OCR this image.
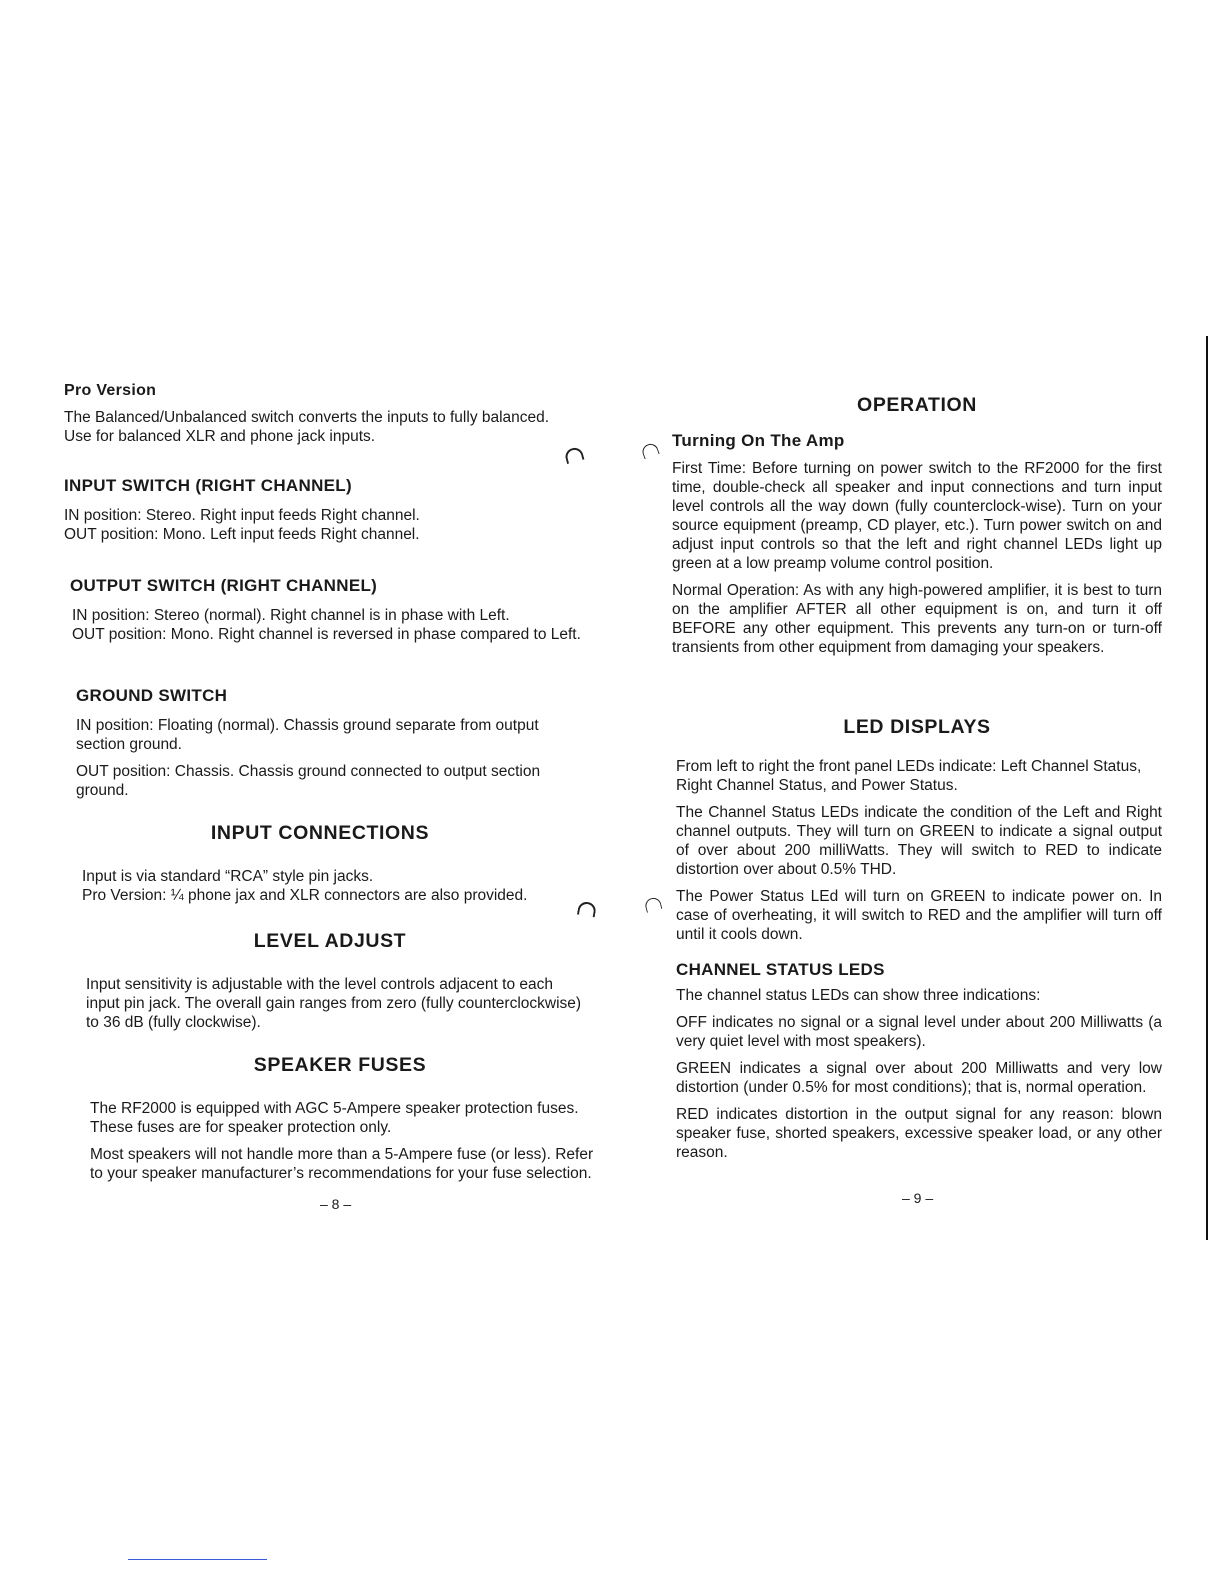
Pro Version

The Balanced/Unbalanced switch converts the inputs to fully balanced. Use for balanced XLR and phone jack inputs.

INPUT SWITCH (RIGHT CHANNEL)

IN position: Stereo. Right input feeds Right channel.

OUT position: Mono. Left input feeds Right channel.

OUTPUT SWITCH (RIGHT CHANNEL)

IN position: Stereo (normal). Right channel is in phase with Left.

OUT position: Mono. Right channel is reversed in phase compared to Left.

GROUND SWITCH

IN position: Floating (normal). Chassis ground separate from output section ground.

OUT position: Chassis. Chassis ground connected to output section ground.

INPUT CONNECTIONS

Input is via standard “RCA” style pin jacks.

Pro Version: ¼ phone jax and XLR connectors are also provided.

LEVEL ADJUST

Input sensitivity is adjustable with the level controls adjacent to each input pin jack. The overall gain ranges from zero (fully counterclockwise) to 36 dB (fully clockwise).

SPEAKER FUSES

The RF2000 is equipped with AGC 5-Ampere speaker protection fuses. These fuses are for speaker protection only.

Most speakers will not handle more than a 5-Ampere fuse (or less). Refer to your speaker manufacturer’s recommendations for your fuse selection.

– 8 –

OPERATION

Turning On The Amp

First Time: Before turning on power switch to the RF2000 for the first time, double-check all speaker and input connections and turn input level controls all the way down (fully counterclock-wise). Turn on your source equipment (preamp, CD player, etc.). Turn power switch on and adjust input controls so that the left and right channel LEDs light up green at a low preamp volume control position.

Normal Operation: As with any high-powered amplifier, it is best to turn on the amplifier AFTER all other equipment is on, and turn it off BEFORE any other equipment. This prevents any turn-on or turn-off transients from other equipment from damaging your speakers.

LED DISPLAYS

From left to right the front panel LEDs indicate: Left Channel Status, Right Channel Status, and Power Status.

The Channel Status LEDs indicate the condition of the Left and Right channel outputs. They will turn on GREEN to indicate a signal output of over about 200 milliWatts. They will switch to RED to indicate distortion over about 0.5% THD.

The Power Status LEd will turn on GREEN to indicate power on. In case of overheating, it will switch to RED and the amplifier will turn off until it cools down.

CHANNEL STATUS LEDS

The channel status LEDs can show three indications:

OFF indicates no signal or a signal level under about 200 Milliwatts (a very quiet level with most speakers).

GREEN indicates a signal over about 200 Milliwatts and very low distortion (under 0.5% for most conditions); that is, normal operation.

RED indicates distortion in the output signal for any reason: blown speaker fuse, shorted speakers, excessive speaker load, or any other reason.

– 9 –
